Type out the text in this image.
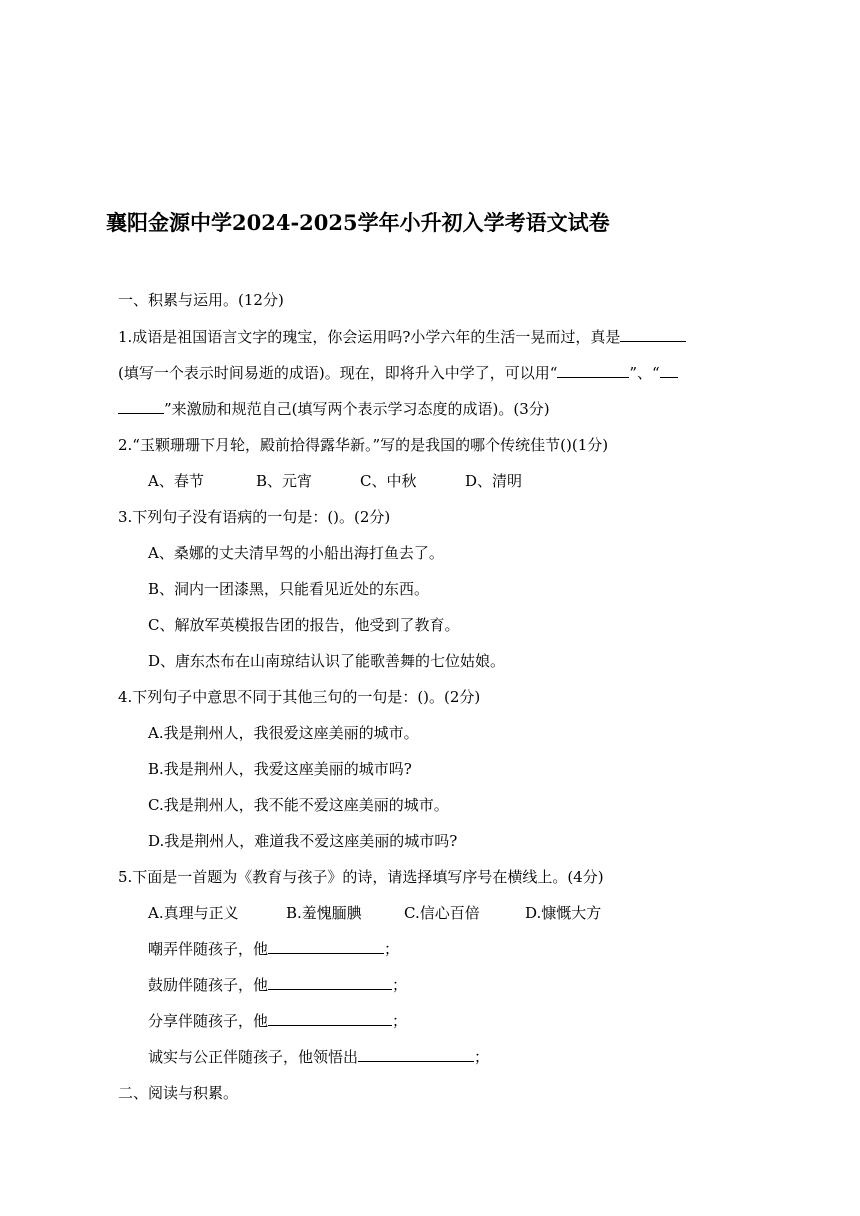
襄阳金源中学2024-2025学年小升初入学考语文试卷

一、积累与运用。(12分)

1.成语是祖国语言文字的瑰宝，你会运用吗?小学六年的生活一晃而过，真是

(填写一个表示时间易逝的成语)。现在，即将升入中学了，可以用“	”、“

”来激励和规范自己(填写两个表示学习态度的成语)。(3分)

2.“玉颗珊珊下月轮，殿前拾得露华新。”写的是我国的哪个传统佳节()(1分)

A、春节	B、元宵	C、中秋	D、清明

3.下列句子没有语病的一句是：()。(2分)

A、桑娜的丈夫清早驾的小船出海打鱼去了。

B、洞内一团漆黑，只能看见近处的东西。

C、解放军英模报告团的报告，他受到了教育。

D、唐东杰布在山南琼结认识了能歌善舞的七位姑娘。

4.下列句子中意思不同于其他三句的一句是：()。(2分)

A.我是荆州人，我很爱这座美丽的城市。

B.我是荆州人，我爱这座美丽的城市吗?

C.我是荆州人，我不能不爱这座美丽的城市。

D.我是荆州人，难道我不爱这座美丽的城市吗?

5.下面是一首题为《教育与孩子》的诗，请选择填写序号在横线上。(4分)

A.真理与正义	B.羞愧腼腆	C.信心百倍	D.慷慨大方

嘲弄伴随孩子，他	；

鼓励伴随孩子，他	；

分享伴随孩子，他	；

诚实与公正伴随孩子，他领悟出	；

二、阅读与积累。
